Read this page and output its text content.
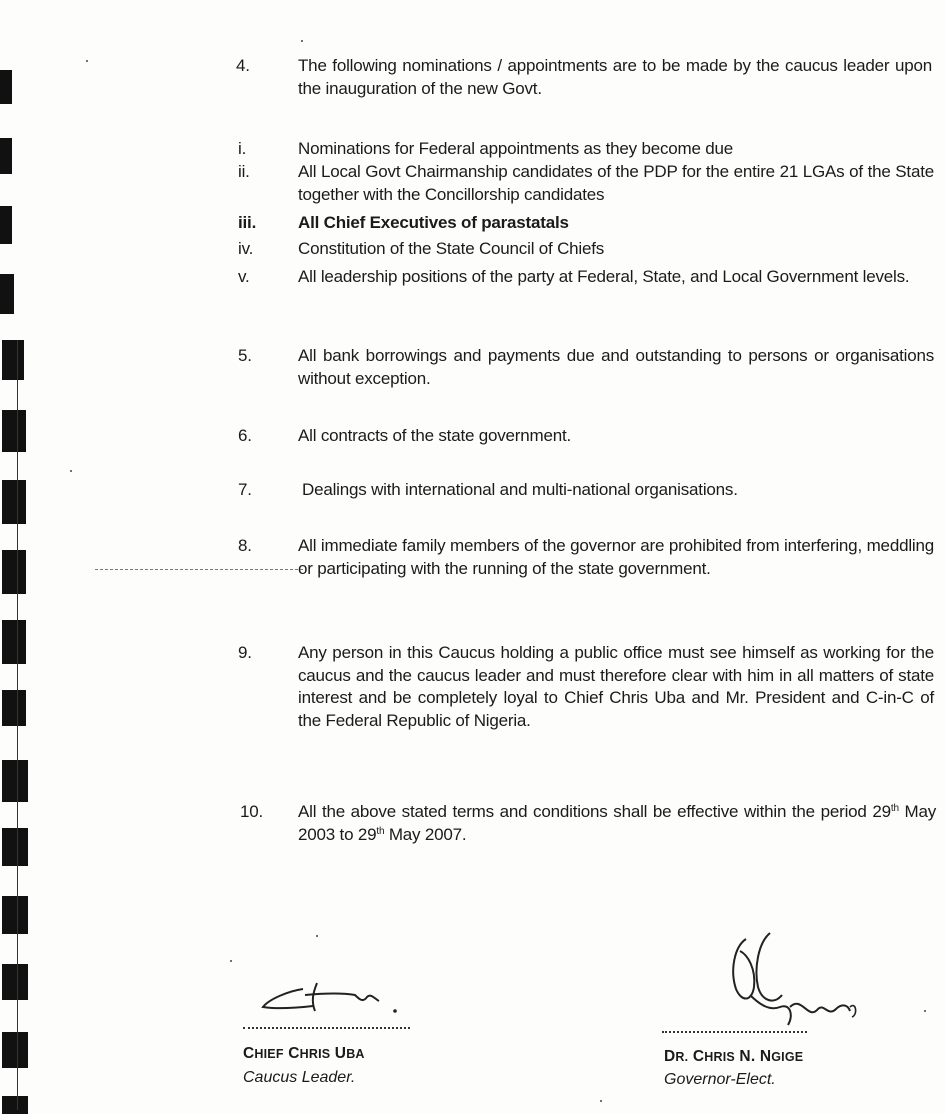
4.	The following nominations / appointments are to be made by the caucus leader upon the inauguration of the new Govt.
i.	Nominations for Federal appointments as they become due
ii.	All Local Govt Chairmanship candidates of the PDP for the entire 21 LGAs of the State together with the Concillorship candidates
iii. All Chief Executives of parastatals
iv.	Constitution of the State Council of Chiefs
v.	All leadership positions of the party at Federal, State, and Local Government levels.
5.	All bank borrowings and payments due and outstanding to persons or organisations without exception.
6.	All contracts of the state government.
7.	Dealings with international and multi-national organisations.
8.	All immediate family members of the governor are prohibited from interfering, meddling or participating with the running of the state government.
9.	Any person in this Caucus holding a public office must see himself as working for the caucus and the caucus leader and must therefore clear with him in all matters of state interest and be completely loyal to Chief Chris Uba and Mr. President and C-in-C of the Federal Republic of Nigeria.
10. All the above stated terms and conditions shall be effective within the period 29th May 2003 to 29th May 2007.
CHIEF CHRIS UBA
Caucus Leader.
DR. CHRIS N. NGIGE
Governor-Elect.
